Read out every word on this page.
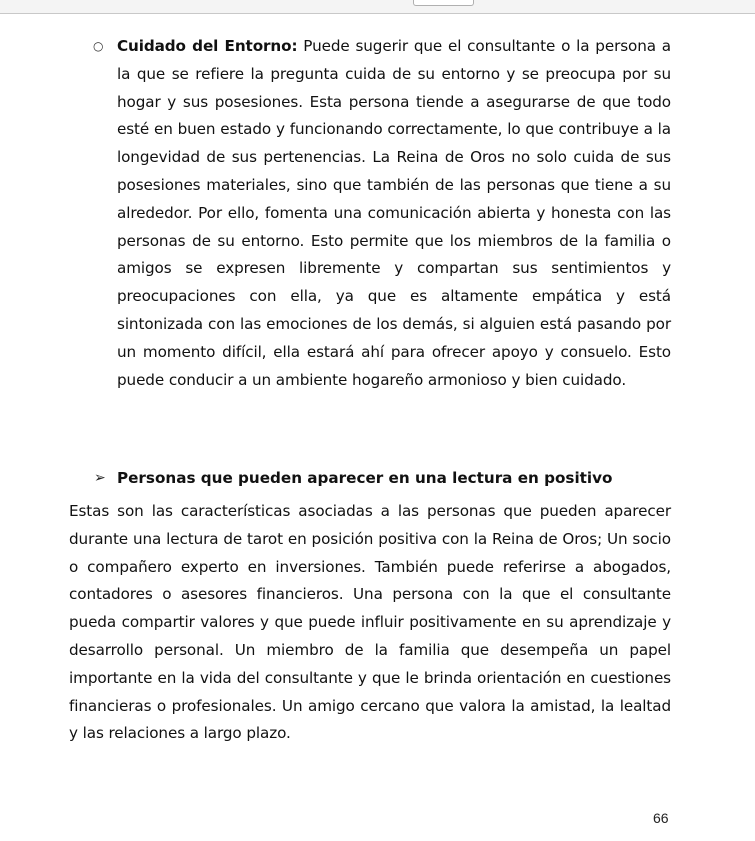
○ Cuidado del Entorno: Puede sugerir que el consultante o la persona a la que se refiere la pregunta cuida de su entorno y se preocupa por su hogar y sus posesiones. Esta persona tiende a asegurarse de que todo esté en buen estado y funcionando correctamente, lo que contribuye a la longevidad de sus pertenencias. La Reina de Oros no solo cuida de sus posesiones materiales, sino que también de las personas que tiene a su alrededor. Por ello, fomenta una comunicación abierta y honesta con las personas de su entorno. Esto permite que los miembros de la familia o amigos se expresen libremente y compartan sus sentimientos y preocupaciones con ella, ya que es altamente empática y está sintonizada con las emociones de los demás, si alguien está pasando por un momento difícil, ella estará ahí para ofrecer apoyo y consuelo. Esto puede conducir a un ambiente hogareño armonioso y bien cuidado.
➢ Personas que pueden aparecer en una lectura en positivo
Estas son las características asociadas a las personas que pueden aparecer durante una lectura de tarot en posición positiva con la Reina de Oros; Un socio o compañero experto en inversiones. También puede referirse a abogados, contadores o asesores financieros. Una persona con la que el consultante pueda compartir valores y que puede influir positivamente en su aprendizaje y desarrollo personal. Un miembro de la familia que desempeña un papel importante en la vida del consultante y que le brinda orientación en cuestiones financieras o profesionales. Un amigo cercano que valora la amistad, la lealtad y las relaciones a largo plazo.
66
